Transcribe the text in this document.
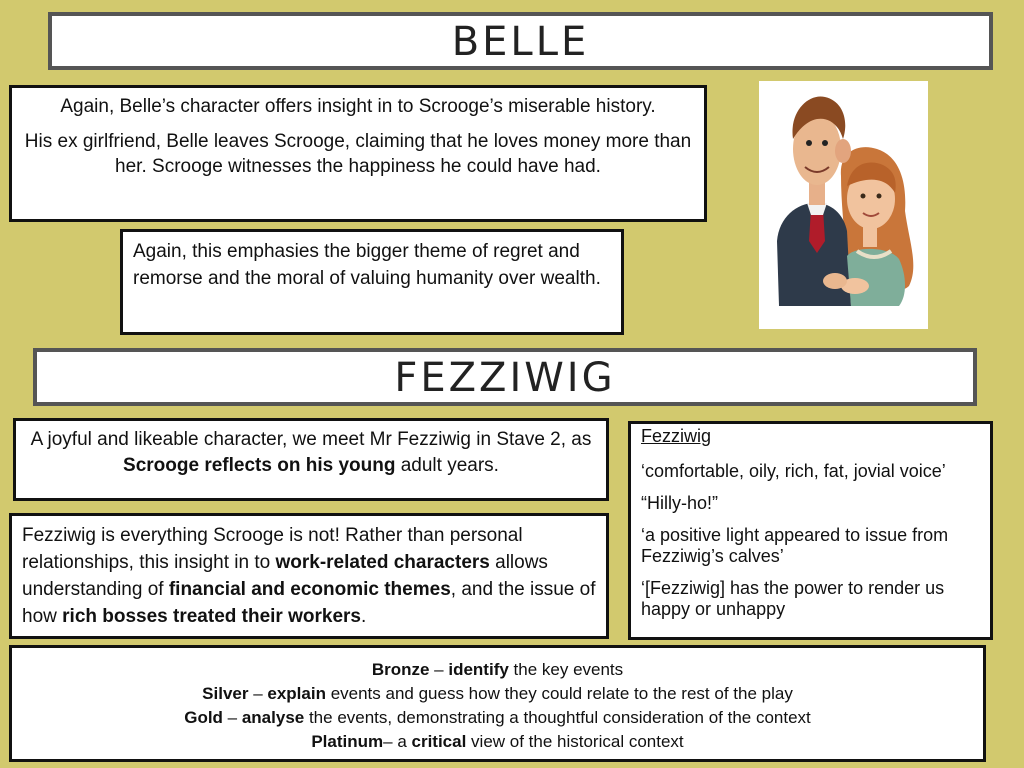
BELLE

Again, Belle’s character offers insight in to Scrooge’s miserable history.

His ex girlfriend, Belle leaves Scrooge, claiming that he loves money more than her. Scrooge witnesses the happiness he could have had.

Again, this emphasies the bigger theme of regret and remorse and the moral of valuing humanity over wealth.
FEZZIWIG
A joyful and likeable character, we meet Mr Fezziwig in Stave 2, as Scrooge reflects on his young adult years.
Fezziwig is everything Scrooge is not! Rather than personal relationships, this insight in to work-related characters allows understanding of financial and economic themes, and the issue of how rich bosses treated their workers.

Fezziwig

‘comfortable, oily, rich, fat, jovial voice’

“Hilly-ho!”

‘a positive light appeared to issue from Fezziwig’s calves’

‘[Fezziwig] has the power to render us happy or unhappy

Bronze – identify the key events
Silver – explain events and guess how they could relate to the rest of the play
Gold – analyse the events, demonstrating a thoughtful consideration of the context
Platinum– a critical view of the historical context
